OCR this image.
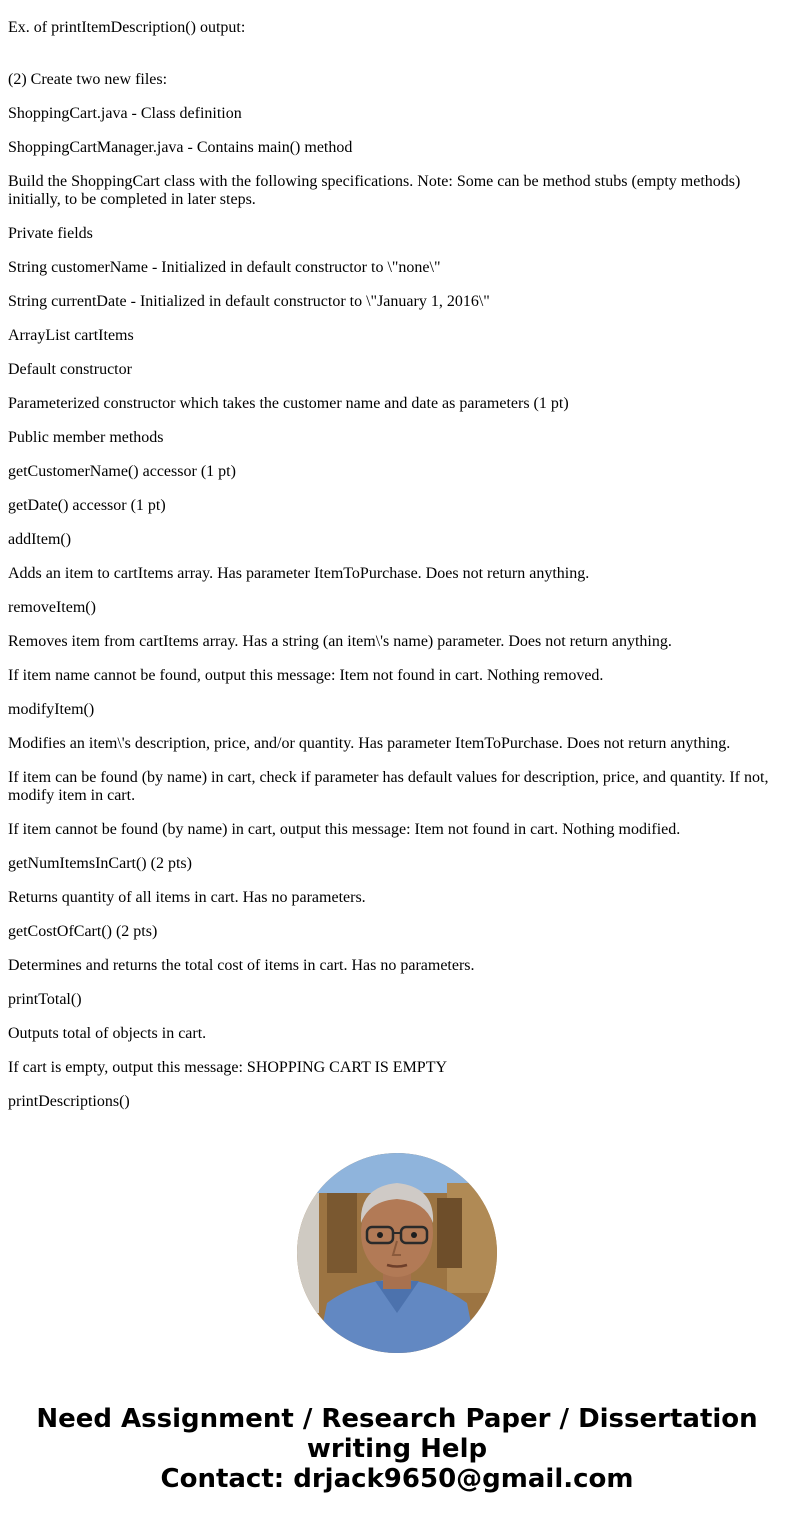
Ex. of printItemDescription() output:

(2) Create two new files:

ShoppingCart.java - Class definition

ShoppingCartManager.java - Contains main() method

Build the ShoppingCart class with the following specifications. Note: Some can be method stubs (empty methods) initially, to be completed in later steps.

Private fields

String customerName - Initialized in default constructor to \"none\"

String currentDate - Initialized in default constructor to \"January 1, 2016\"

ArrayList cartItems

Default constructor

Parameterized constructor which takes the customer name and date as parameters (1 pt)

Public member methods

getCustomerName() accessor (1 pt)

getDate() accessor (1 pt)

addItem()

Adds an item to cartItems array. Has parameter ItemToPurchase. Does not return anything.

removeItem()

Removes item from cartItems array. Has a string (an item\'s name) parameter. Does not return anything.

If item name cannot be found, output this message: Item not found in cart. Nothing removed.

modifyItem()

Modifies an item\'s description, price, and/or quantity. Has parameter ItemToPurchase. Does not return anything.

If item can be found (by name) in cart, check if parameter has default values for description, price, and quantity. If not, modify item in cart.

If item cannot be found (by name) in cart, output this message: Item not found in cart. Nothing modified.

getNumItemsInCart() (2 pts)

Returns quantity of all items in cart. Has no parameters.

getCostOfCart() (2 pts)

Determines and returns the total cost of items in cart. Has no parameters.

printTotal()

Outputs total of objects in cart.

If cart is empty, output this message: SHOPPING CART IS EMPTY

printDescriptions()

Need Assignment / Research Paper / Dissertation
writing Help
Contact: drjack9650@gmail.com
